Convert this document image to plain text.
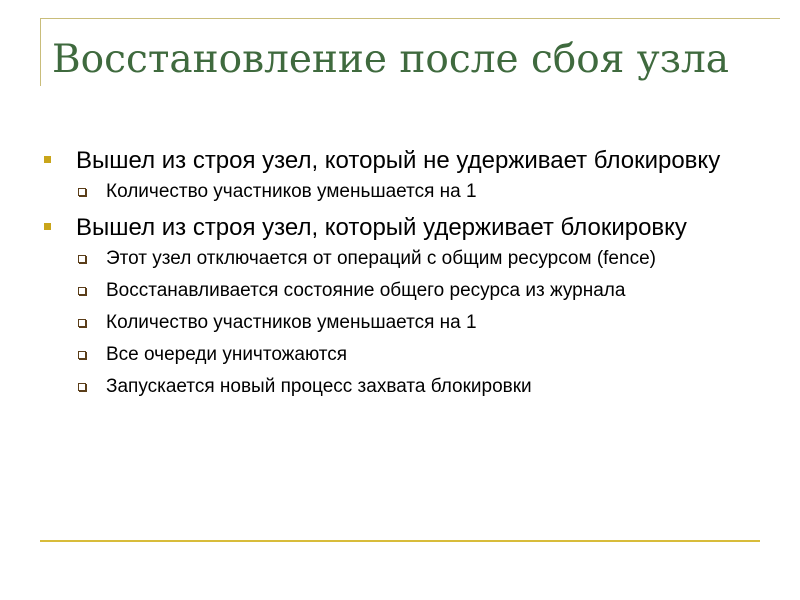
Восстановление после сбоя узла
Вышел из строя узел, который не удерживает блокировку
Количество участников уменьшается на 1
Вышел из строя узел, который удерживает блокировку
Этот узел отключается от операций с общим ресурсом (fence)
Восстанавливается состояние общего ресурса из журнала
Количество участников уменьшается на 1
Все очереди уничтожаются
Запускается новый процесс захвата блокировки
